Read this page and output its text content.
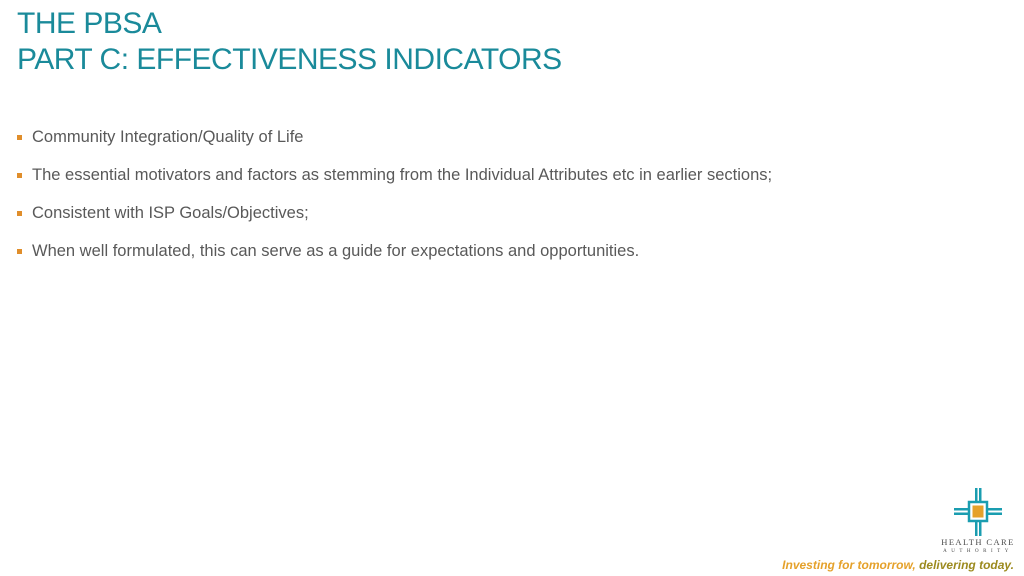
THE PBSA
PART C: EFFECTIVENESS INDICATORS
Community Integration/Quality of Life
The essential motivators and factors as stemming from the Individual Attributes etc in earlier sections;
Consistent with ISP Goals/Objectives;
When well formulated, this can serve as a guide for expectations and opportunities.
HEALTH CARE
AUTHORITY
Investing for tomorrow, delivering today.
